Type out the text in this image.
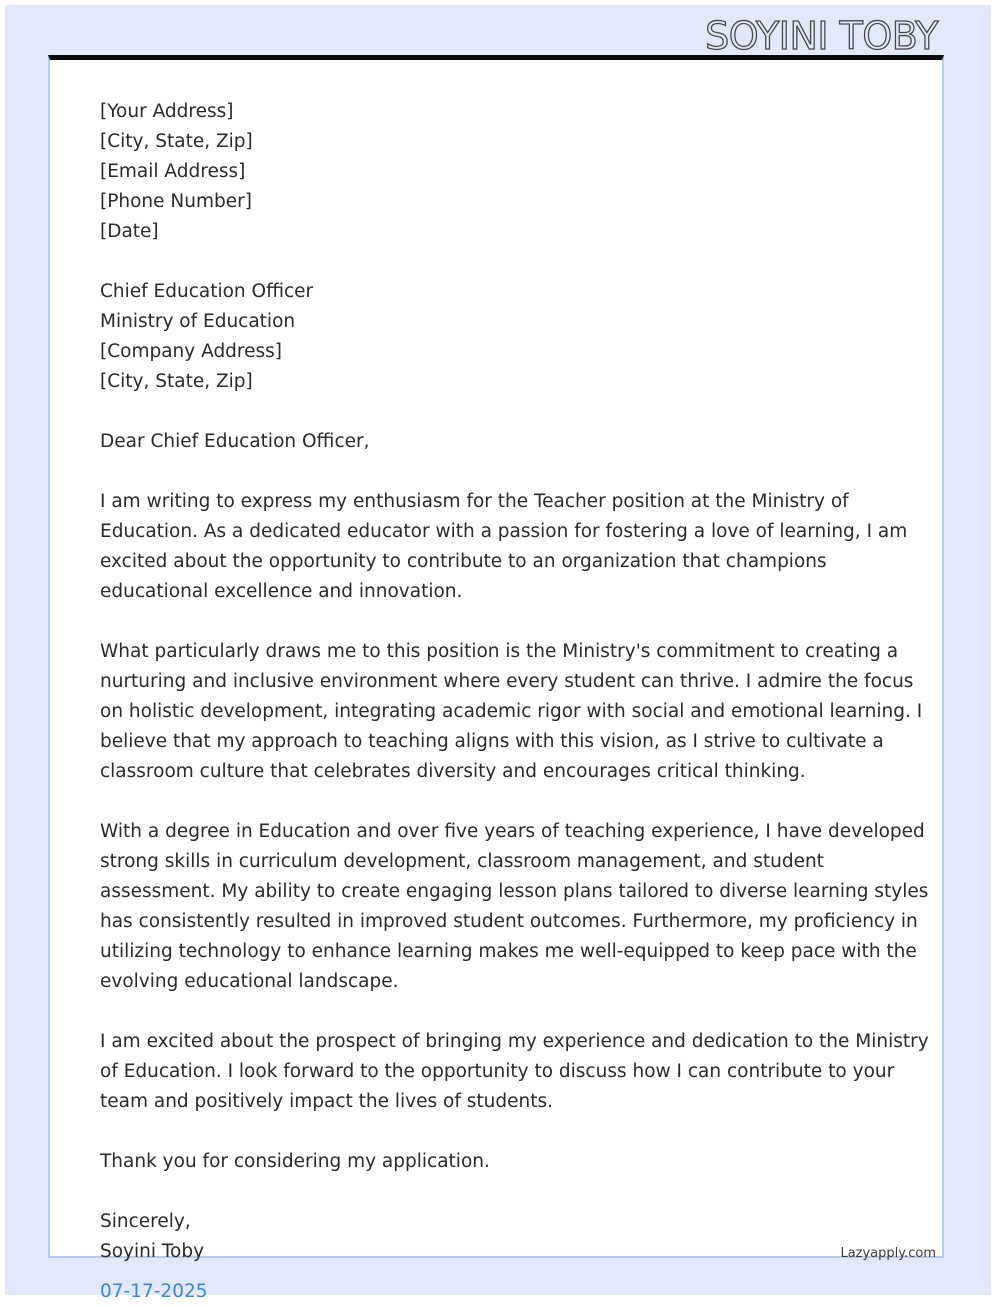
SOYINI TOBY
[Your Address]
[City, State, Zip]
[Email Address]
[Phone Number]
[Date]
Chief Education Officer
Ministry of Education
[Company Address]
[City, State, Zip]
Dear Chief Education Officer,
I am writing to express my enthusiasm for the Teacher position at the Ministry of
Education. As a dedicated educator with a passion for fostering a love of learning, I am
excited about the opportunity to contribute to an organization that champions
educational excellence and innovation.
What particularly draws me to this position is the Ministry's commitment to creating a
nurturing and inclusive environment where every student can thrive. I admire the focus
on holistic development, integrating academic rigor with social and emotional learning. I
believe that my approach to teaching aligns with this vision, as I strive to cultivate a
classroom culture that celebrates diversity and encourages critical thinking.
With a degree in Education and over five years of teaching experience, I have developed
strong skills in curriculum development, classroom management, and student
assessment. My ability to create engaging lesson plans tailored to diverse learning styles
has consistently resulted in improved student outcomes. Furthermore, my proficiency in
utilizing technology to enhance learning makes me well-equipped to keep pace with the
evolving educational landscape.
I am excited about the prospect of bringing my experience and dedication to the Ministry
of Education. I look forward to the opportunity to discuss how I can contribute to your
team and positively impact the lives of students.
Thank you for considering my application.
Sincerely,
Soyini Toby
07-17-2025
Lazyapply.com
